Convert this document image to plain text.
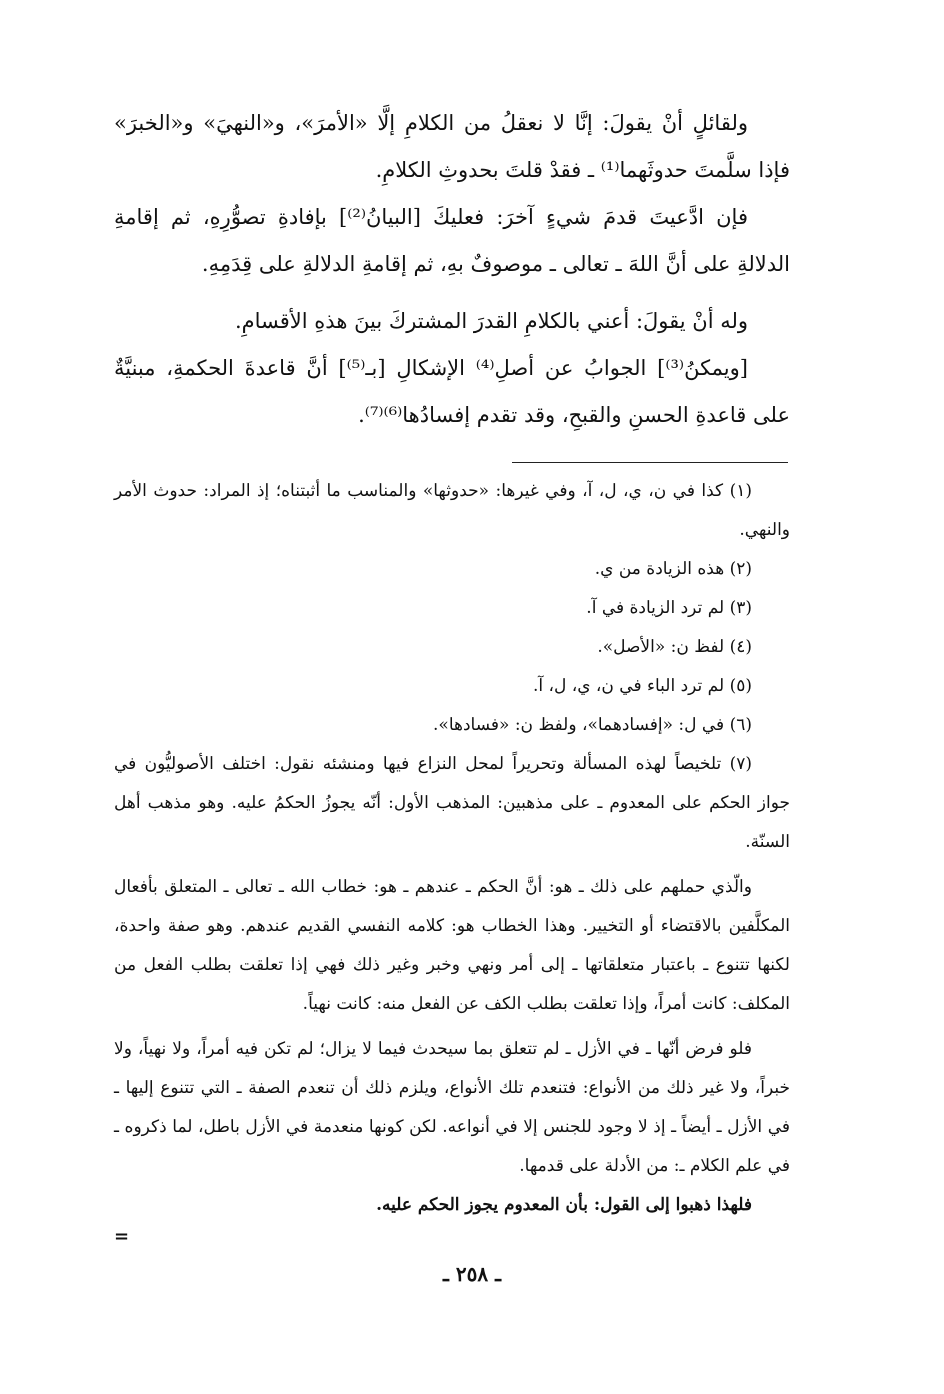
ولقائلٍ أنْ يقولَ: إنَّا لا نعقلُ من الكلامِ إلَّا «الأمرَ»، و«النهيَ» و«الخبرَ» فإذا سلَّمتَ حدوثَهما⁽¹⁾ ـ فقدْ قلتَ بحدوثِ الكلامِ.

فإن ادَّعيتَ قدمَ شيءٍ آخرَ: فعليكَ [البيانُ⁽²⁾] بإفادةِ تصوُّرِهِ، ثم إقامةِ الدلالةِ على أنَّ اللهَ ـ تعالى ـ موصوفٌ بهِ، ثم إقامةِ الدلالةِ على قِدَمِهِ.

وله أنْ يقولَ: أعني بالكلامِ القدرَ المشتركَ بينَ هذهِ الأقسامِ.

[ويمكنُ⁽³⁾] الجوابُ عن أصلِ⁽⁴⁾ الإشكالِ [بـ⁽⁵⁾] أنَّ قاعدةَ الحكمةِ، مبنيَّةٌ على قاعدةِ الحسنِ والقبحِ، وقد تقدم إفسادُها⁽⁶⁾⁽⁷⁾.

(١) كذا في ن، ي، ل، آ، وفي غيرها: «حدوثها» والمناسب ما أثبتناه؛ إذ المراد: حدوث الأمر والنهي.

(٢) هذه الزيادة من ي.

(٣) لم ترد الزيادة في آ.

(٤) لفظ ن: «الأصل».

(٥) لم ترد الباء في ن، ي، ل، آ.

(٦) في ل: «إفسادهما»، ولفظ ن: «فسادها».

(٧) تلخيصاً لهذه المسألة وتحريراً لمحل النزاع فيها ومنشئه نقول: اختلف الأصوليُّون في جواز الحكم على المعدوم ـ على مذهبين: المذهب الأول: أنّه يجوزُ الحكمُ عليه. وهو مذهب أهل السنّة.

والّذي حملهم على ذلك ـ هو: أنَّ الحكم ـ عندهم ـ هو: خطاب الله ـ تعالى ـ المتعلق بأفعال المكلَّفين بالاقتضاء أو التخيير. وهذا الخطاب هو: كلامه النفسي القديم عندهم. وهو صفة واحدة، لكنها تتنوع ـ باعتبار متعلقاتها ـ إلى أمر ونهي وخبر وغير ذلك فهي إذا تعلقت بطلب الفعل من المكلف: كانت أمراً، وإذا تعلقت بطلب الكف عن الفعل منه: كانت نهياً.

فلو فرض أنّها ـ في الأزل ـ لم تتعلق بما سيحدث فيما لا يزال؛ لم تكن فيه أمراً، ولا نهياً، ولا خبراً، ولا غير ذلك من الأنواع: فتنعدم تلك الأنواع، ويلزم ذلك أن تنعدم الصفة ـ التي تتنوع إليها ـ في الأزل ـ أيضاً ـ إذ لا وجود للجنس إلا في أنواعه. لكن كونها منعدمة في الأزل باطل، لما ذكروه ـ في علم الكلام ـ: من الأدلة على قدمها.

فلهذا ذهبوا إلى القول: بأن المعدوم يجوز الحكم عليه.

=
ـ ٢٥٨ ـ
